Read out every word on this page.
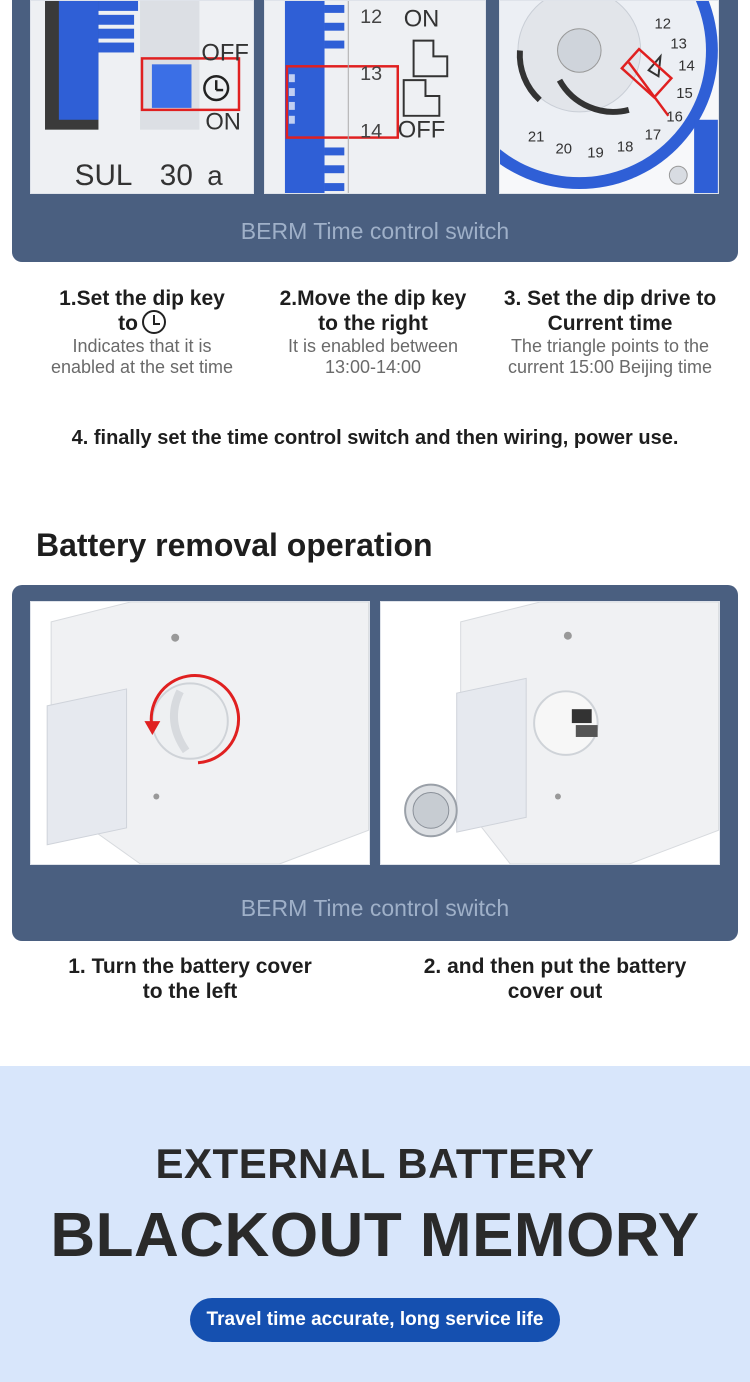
OFF
ON
SUL 30 a
12
13
14
ON
OFF
12
13
14
15
16
17
18
19
20
21
BERM Time control switch
1.Set the dip key
to
Indicates that it is
enabled at the set time
2.Move the dip key
to the right
It is enabled between
13:00-14:00
3. Set the dip drive to
Current time
The triangle points to the
current 15:00 Beijing time
4. finally set the time control switch and then wiring, power use.
Battery removal operation
BERM Time control switch
1. Turn the battery cover
to the left
2. and then put the battery
cover out
EXTERNAL BATTERY
BLACKOUT MEMORY
Travel time accurate, long service life
